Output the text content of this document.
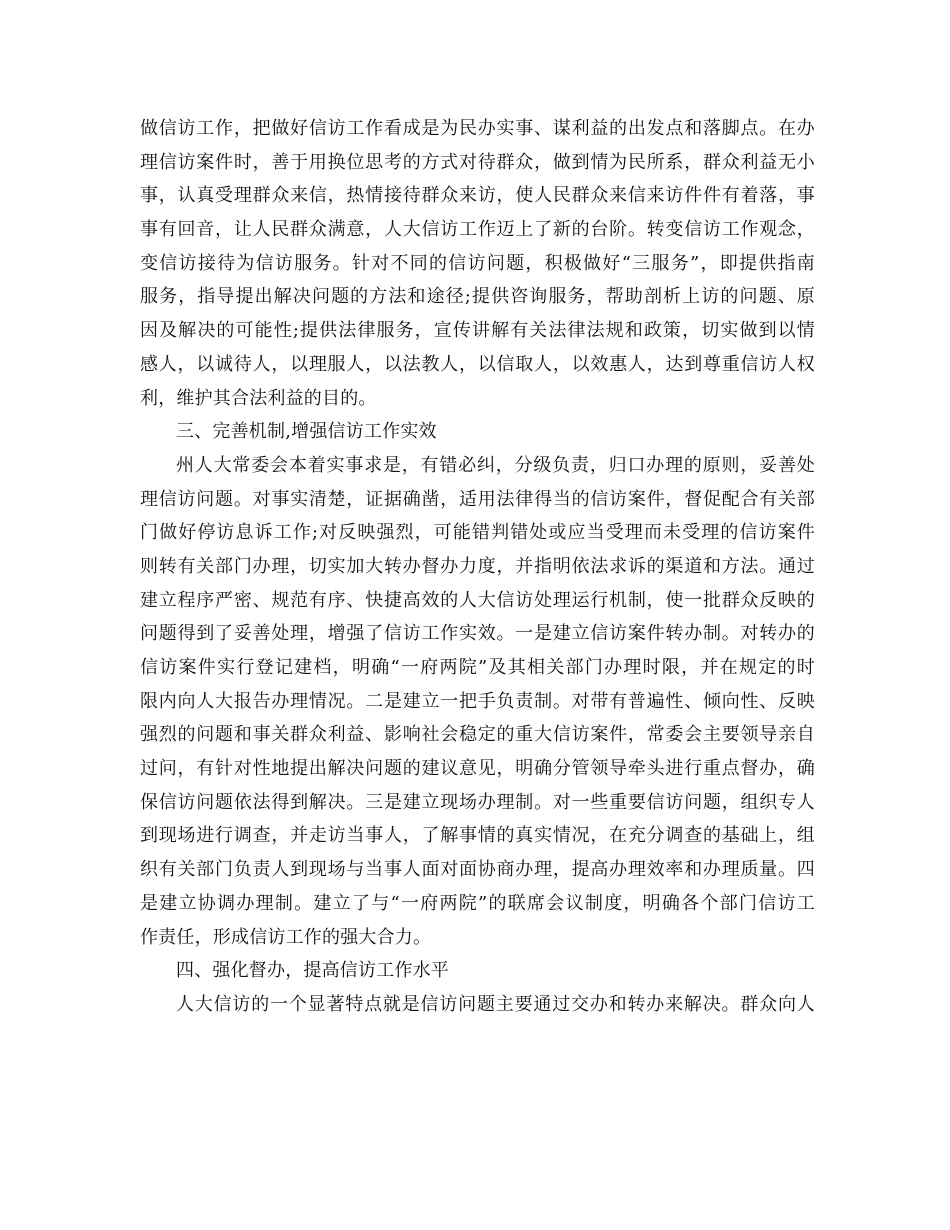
做信访工作，把做好信访工作看成是为民办实事、谋利益的出发点和落脚点。在办
理信访案件时，善于用换位思考的方式对待群众，做到情为民所系，群众利益无小
事，认真受理群众来信，热情接待群众来访，使人民群众来信来访件件有着落，事
事有回音，让人民群众满意，人大信访工作迈上了新的台阶。转变信访工作观念，
变信访接待为信访服务。针对不同的信访问题，积极做好“三服务”，即提供指南
服务，指导提出解决问题的方法和途径;提供咨询服务，帮助剖析上访的问题、原
因及解决的可能性;提供法律服务，宣传讲解有关法律法规和政策，切实做到以情
感人，以诚待人，以理服人，以法教人，以信取人，以效惠人，达到尊重信访人权
利，维护其合法利益的目的。
三、完善机制,增强信访工作实效
州人大常委会本着实事求是，有错必纠，分级负责，归口办理的原则，妥善处
理信访问题。对事实清楚，证据确凿，适用法律得当的信访案件，督促配合有关部
门做好停访息诉工作;对反映强烈，可能错判错处或应当受理而未受理的信访案件
则转有关部门办理，切实加大转办督办力度，并指明依法求诉的渠道和方法。通过
建立程序严密、规范有序、快捷高效的人大信访处理运行机制，使一批群众反映的
问题得到了妥善处理，增强了信访工作实效。一是建立信访案件转办制。对转办的
信访案件实行登记建档，明确“一府两院”及其相关部门办理时限，并在规定的时
限内向人大报告办理情况。二是建立一把手负责制。对带有普遍性、倾向性、反映
强烈的问题和事关群众利益、影响社会稳定的重大信访案件，常委会主要领导亲自
过问，有针对性地提出解决问题的建议意见，明确分管领导牵头进行重点督办，确
保信访问题依法得到解决。三是建立现场办理制。对一些重要信访问题，组织专人
到现场进行调查，并走访当事人，了解事情的真实情况，在充分调查的基础上，组
织有关部门负责人到现场与当事人面对面协商办理，提高办理效率和办理质量。四
是建立协调办理制。建立了与“一府两院”的联席会议制度，明确各个部门信访工
作责任，形成信访工作的强大合力。
四、强化督办，提高信访工作水平
人大信访的一个显著特点就是信访问题主要通过交办和转办来解决。群众向人
